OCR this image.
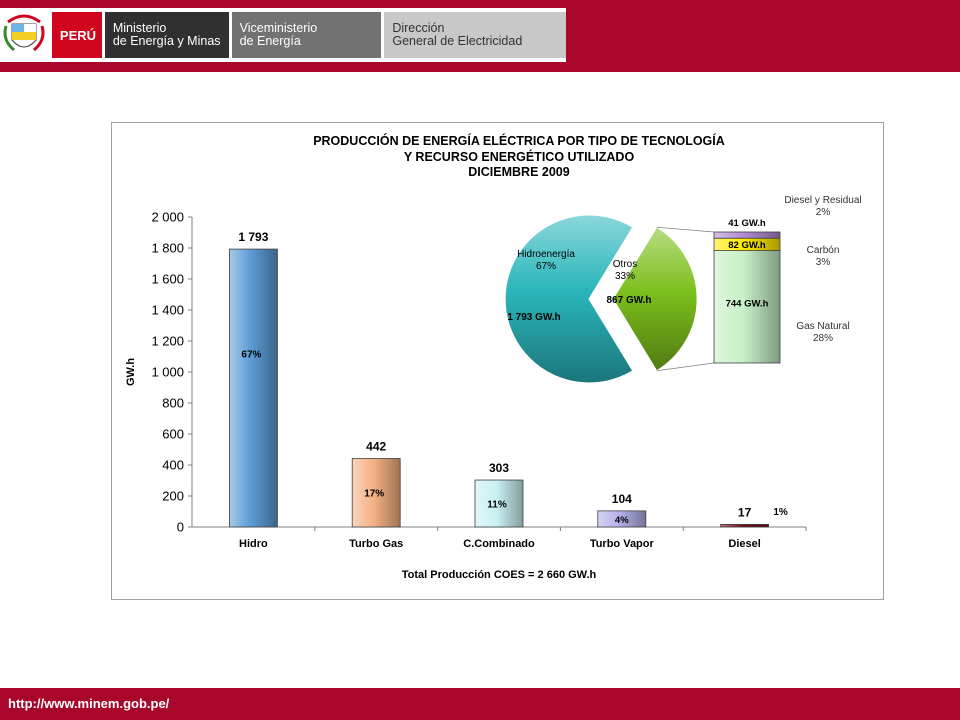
PERÚ	Ministerio
de Energía y Minas
Viceministerio
de Energía
Dirección
General de Electricidad
PRODUCCIÓN DE ENERGÍA ELÉCTRICA POR TIPO DE TECNOLOGÍA
Y RECURSO ENERGÉTICO UTILIZADO
DICIEMBRE 2009
0
200
400
600
800
1 000
1 200
1 400
1 600
1 800
2 000
GW.h
1 793
67%
Hidro
442
17%
Turbo Gas
303
11%
C.Combinado
104
4%
Turbo Vapor
17 1%
Diesel
Total Producción COES = 2 660 GW.h
Hidroenergía
67%
1 793 GW.h
Otros
33%
867 GW.h	744 GW.h
82 GW.h
41 GW.h
Gas Natural
28%
Carbón
3%
Diesel y Residual
2%
http://www.minem.gob.pe/
